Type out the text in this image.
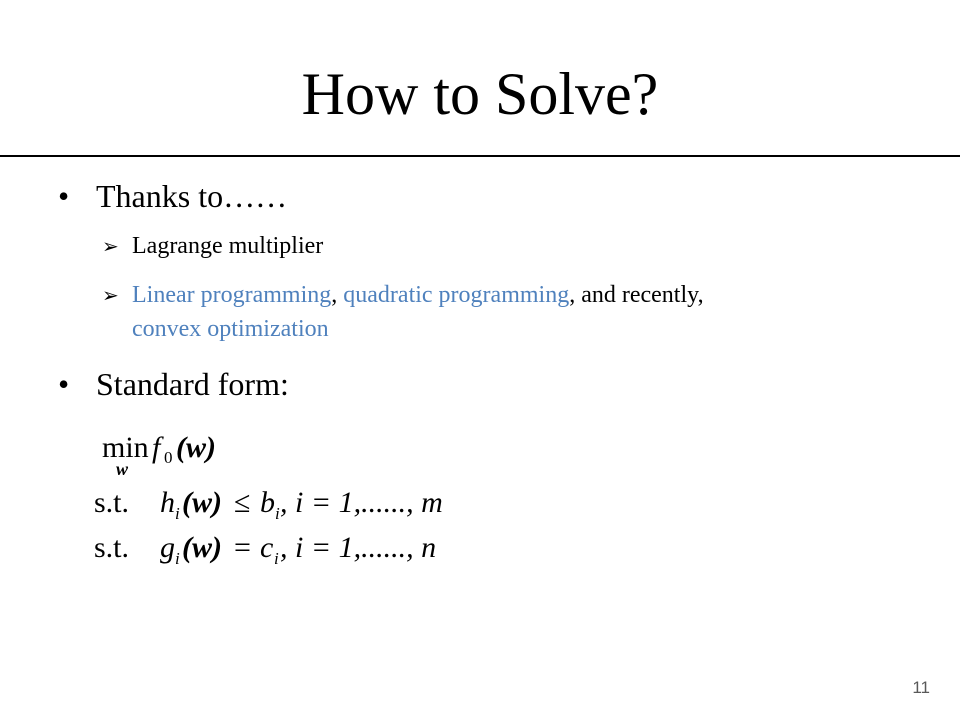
How to Solve?
• Thanks to……
➢ Lagrange multiplier
➢ Linear programming, quadratic programming, and recently,
convex optimization
• Standard form:
min
w
f 0 (w)
s.t. h i (w) ≤ b i , i = 1,......, m
s.t. g i (w) = c i , i = 1,......, n
11
